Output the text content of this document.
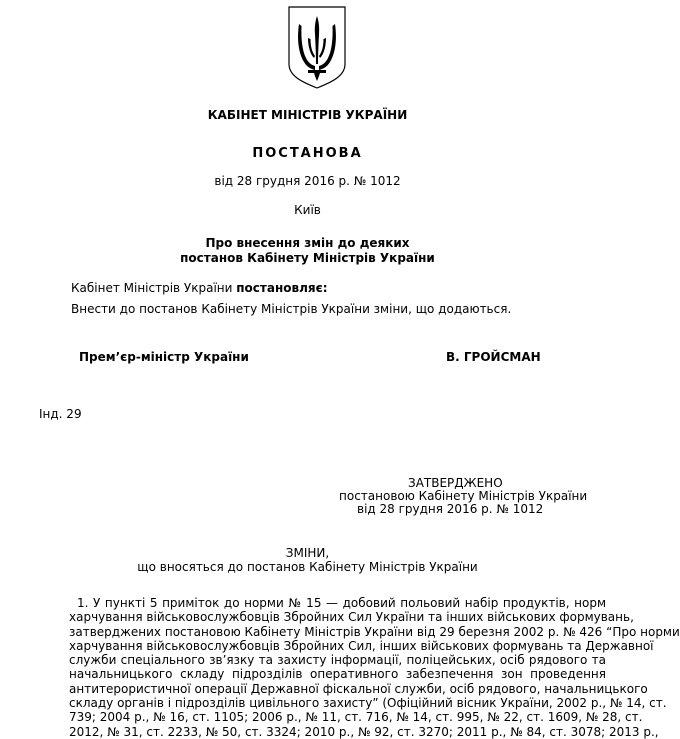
КАБІНЕТ МІНІСТРІВ УКРАЇНИ
ПОСТАНОВА
від 28 грудня 2016 р. № 1012
Київ
Про внесення змін до деяких
постанов Кабінету Міністрів України
Кабінет Міністрів України постановляє:
Внести до постанов Кабінету Міністрів України зміни, що додаються.
Прем’єр-міністр України	В. ГРОЙСМАН
Інд. 29
ЗАТВЕРДЖЕНО
постановою Кабінету Міністрів України
від 28 грудня 2016 р. № 1012
ЗМІНИ,
що вносяться до постанов Кабінету Міністрів України
1. У пункті 5 приміток до норми № 15 — добовий польовий набір продуктів, норм
харчування військовослужбовців Збройних Сил України та інших військових формувань,
затверджених постановою Кабінету Міністрів України від 29 березня 2002 р. № 426 “Про норми
харчування військовослужбовців Збройних Сил, інших військових формувань та Державної
служби спеціального зв’язку та захисту інформації, поліцейських, осіб рядового та
начальницького складу підрозділів оперативного забезпечення зон проведення
антитерористичної операції Державної фіскальної служби, осіб рядового, начальницького
складу органів і підрозділів цивільного захисту” (Офіційний вісник України, 2002 р., № 14, ст.
739; 2004 р., № 16, ст. 1105; 2006 р., № 11, ст. 716, № 14, ст. 995, № 22, ст. 1609, № 28, ст.
2012, № 31, ст. 2233, № 50, ст. 3324; 2010 р., № 92, ст. 3270; 2011 р., № 84, ст. 3078; 2013 р.,
